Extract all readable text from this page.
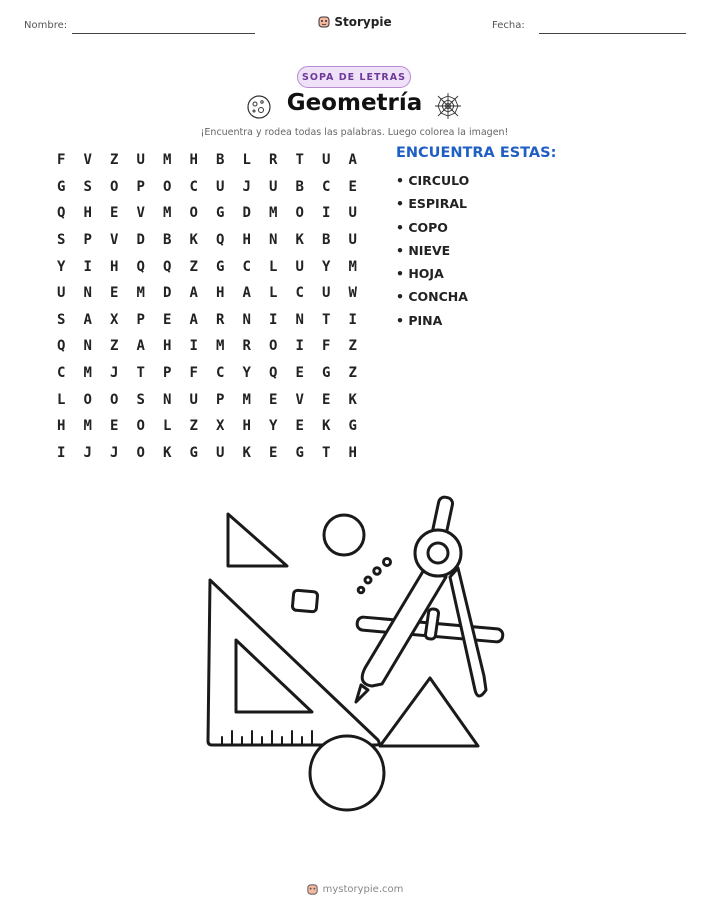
Nombre:	Storypie	Fecha:
SOPA DE LETRAS
Geometría
¡Encuentra y rodea todas las palabras. Luego colorea la imagen!
F	V	Z	U	M	H	B	L	R	T	U	A
G	S	O	P	O	C	U	J	U	B	C	E
Q	H	E	V	M	O	G	D	M	O	I	U
S	P	V	D	B	K	Q	H	N	K	B	U
Y	I	H	Q	Q	Z	G	C	L	U	Y	M
U	N	E	M	D	A	H	A	L	C	U	W
S	A	X	P	E	A	R	N	I	N	T	I
Q	N	Z	A	H	I	M	R	O	I	F	Z
C	M	J	T	P	F	C	Y	Q	E	G	Z
L	O	O	S	N	U	P	M	E	V	E	K
H	M	E	O	L	Z	X	H	Y	E	K	G
I	J	J	O	K	G	U	K	E	G	T	H
ENCUENTRA ESTAS:
• CIRCULO
• ESPIRAL
• COPO
• NIEVE
• HOJA
• CONCHA
• PINA
mystorypie.com
